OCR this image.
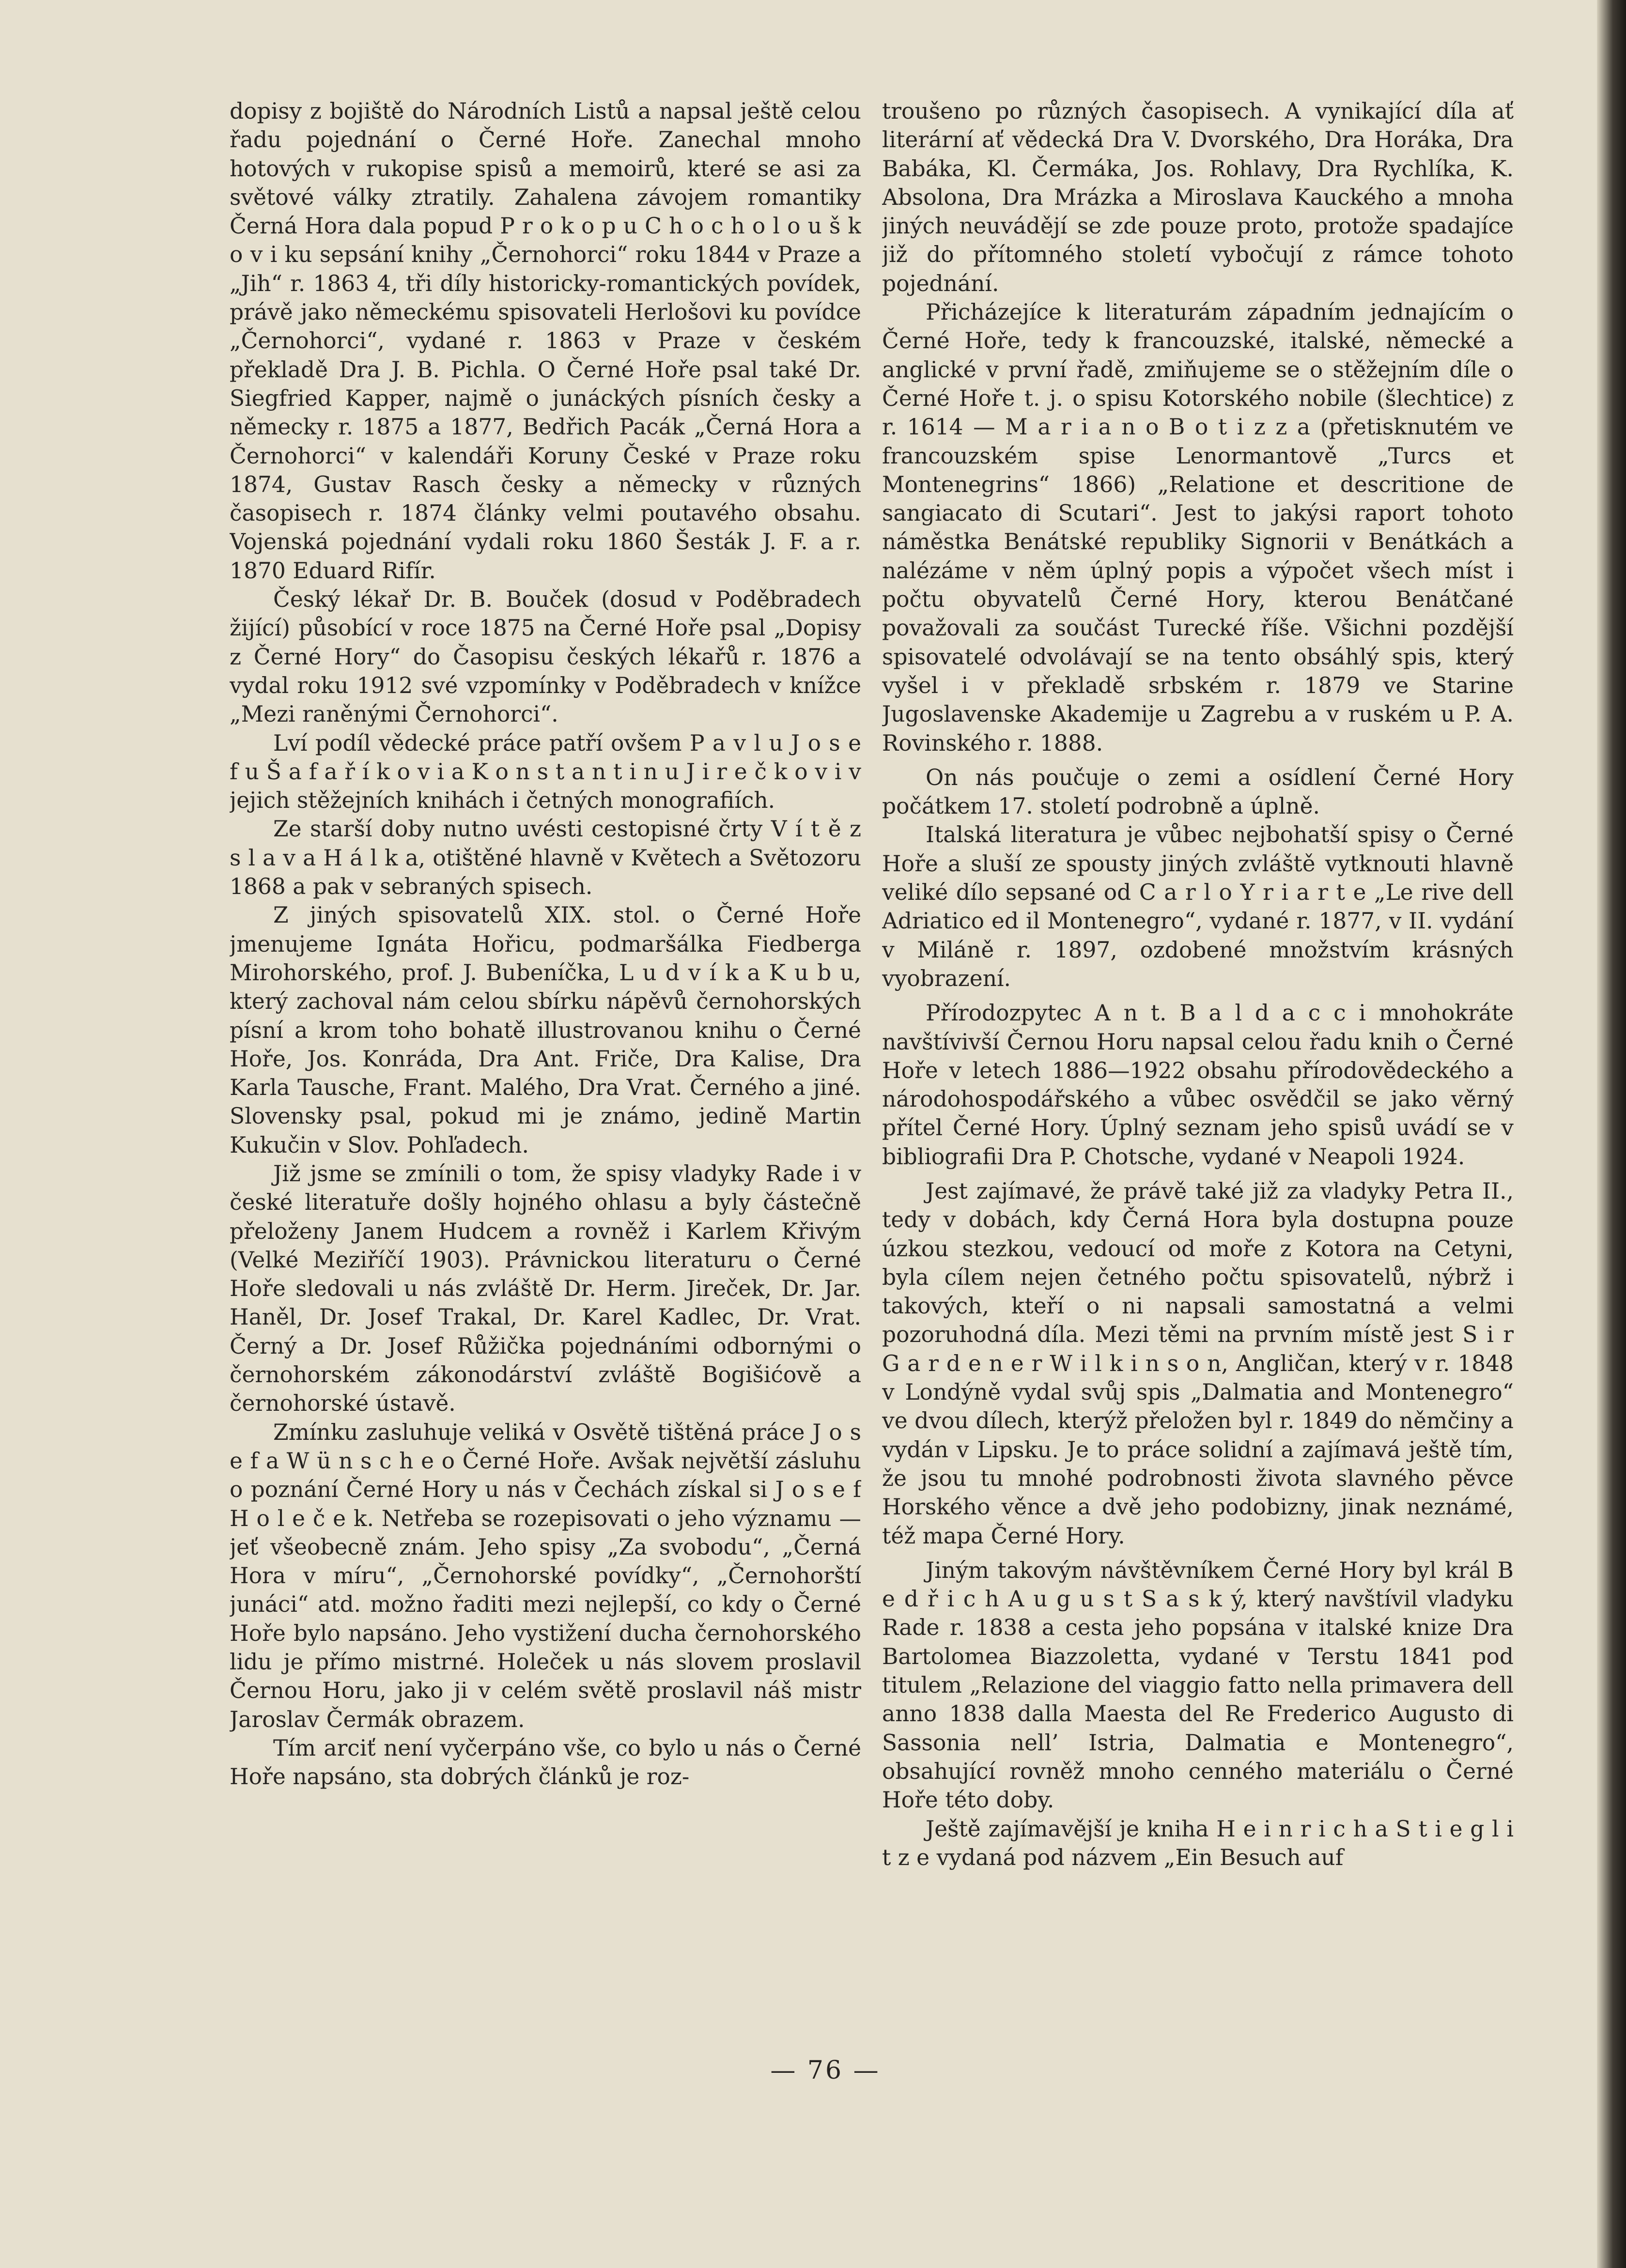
dopisy z bojiště do Národních Listů a napsal ještě celou řadu pojednání o Černé Hoře. Zanechal mnoho hotových v rukopise spisů a memoirů, které se asi za světové války ztratily. Zahalena závojem romantiky Černá Hora dala popud P r o k o p u C h o c h o l o u š k o v i ku sepsání knihy „Černohorci“ roku 1844 v Praze a „Jih“ r. 1863 4, tři díly historicky-romantických povídek, právě jako německému spisovateli Herlošovi ku povídce „Černohorci“, vydané r. 1863 v Praze v českém překladě Dra J. B. Pichla. O Černé Hoře psal také Dr. Siegfried Kapper, najmě o junáckých písních česky a německy r. 1875 a 1877, Bedřich Pacák „Černá Hora a Černohorci“ v kalendáři Koruny České v Praze roku 1874, Gustav Rasch česky a německy v různých časopisech r. 1874 články velmi poutavého obsahu. Vojenská pojednání vydali roku 1860 Šesták J. F. a r. 1870 Eduard Rifír.

Český lékař Dr. B. Bouček (dosud v Poděbradech žijící) působící v roce 1875 na Černé Hoře psal „Dopisy z Černé Hory“ do Časopisu českých lékařů r. 1876 a vydal roku 1912 své vzpomínky v Poděbradech v knížce „Mezi raněnými Černohorci“.

Lví podíl vědecké práce patří ovšem P a v l u J o s e f u Š a f a ř í k o v i a K o n s t a n t i n u J i r e č k o v i v jejich stěžejních knihách i četných monografiích.

Ze starší doby nutno uvésti cestopisné črty V í t ě z s l a v a H á l k a, otištěné hlavně v Květech a Světozoru 1868 a pak v sebraných spisech.

Z jiných spisovatelů XIX. stol. o Černé Hoře jmenujeme Ignáta Hořicu, podmaršálka Fiedberga Mirohorského, prof. J. Bubeníčka, L u d v í k a K u b u, který zachoval nám celou sbírku nápěvů černohorských písní a krom toho bohatě illustrovanou knihu o Černé Hoře, Jos. Konráda, Dra Ant. Friče, Dra Kalise, Dra Karla Tausche, Frant. Malého, Dra Vrat. Černého a jiné. Slovensky psal, pokud mi je známo, jedině Martin Kukučin v Slov. Pohľadech.

Již jsme se zmínili o tom, že spisy vladyky Rade i v české literatuře došly hojného ohlasu a byly částečně přeloženy Janem Hudcem a rovněž i Karlem Křivým (Velké Meziříčí 1903). Právnickou literaturu o Černé Hoře sledovali u nás zvláště Dr. Herm. Jireček, Dr. Jar. Haněl, Dr. Josef Trakal, Dr. Karel Kadlec, Dr. Vrat. Černý a Dr. Josef Růžička pojednáními odbornými o černohorském zákonodárství zvláště Bogišićově a černohorské ústavě.

Zmínku zasluhuje veliká v Osvětě tištěná práce J o s e f a W ü n s c h e o Černé Hoře. Avšak největší zásluhu o poznání Černé Hory u nás v Čechách získal si J o s e f H o l e č e k. Netřeba se rozepisovati o jeho významu — jeť všeobecně znám. Jeho spisy „Za svobodu“, „Černá Hora v míru“, „Černohorské povídky“, „Černohorští junáci“ atd. možno řaditi mezi nejlepší, co kdy o Černé Hoře bylo napsáno. Jeho vystižení ducha černohorského lidu je přímo mistrné. Holeček u nás slovem proslavil Černou Horu, jako ji v celém světě proslavil náš mistr Jaroslav Čermák obrazem.

Tím arciť není vyčerpáno vše, co bylo u nás o Černé Hoře napsáno, sta dobrých článků je roz-

troušeno po různých časopisech. A vynikající díla ať literární ať vědecká Dra V. Dvorského, Dra Horáka, Dra Babáka, Kl. Čermáka, Jos. Rohlavy, Dra Rychlíka, K. Absolona, Dra Mrázka a Miroslava Kauckého a mnoha jiných neuvádějí se zde pouze proto, protože spadajíce již do přítomného století vybočují z rámce tohoto pojednání.

Přicházejíce k literaturám západním jednajícím o Černé Hoře, tedy k francouzské, italské, německé a anglické v první řadě, zmiňujeme se o stěžejním díle o Černé Hoře t. j. o spisu Kotorského nobile (šlechtice) z r. 1614 — M a r i a n o B o t i z z a (přetisknutém ve francouzském spise Lenormantově „Turcs et Montenegrins“ 1866) „Relatione et descritione de sangiacato di Scutari“. Jest to jakýsi raport tohoto náměstka Benátské republiky Signorii v Benátkách a nalézáme v něm úplný popis a výpočet všech míst i počtu obyvatelů Černé Hory, kterou Benátčané považovali za součást Turecké říše. Všichni pozdější spisovatelé odvolávají se na tento obsáhlý spis, který vyšel i v překladě srbském r. 1879 ve Starine Jugoslavenske Akademije u Zagrebu a v ruském u P. A. Rovinského r. 1888.

On nás poučuje o zemi a osídlení Černé Hory počátkem 17. století podrobně a úplně.

Italská literatura je vůbec nejbohatší spisy o Černé Hoře a sluší ze spousty jiných zvláště vytknouti hlavně veliké dílo sepsané od C a r l o Y r i a r t e „Le rive dell Adriatico ed il Montenegro“, vydané r. 1877, v II. vydání v Miláně r. 1897, ozdobené množstvím krásných vyobrazení.

Přírodozpytec A n t. B a l d a c c i mnohokráte navštívivší Černou Horu napsal celou řadu knih o Černé Hoře v letech 1886—1922 obsahu přírodovědeckého a národohospodářského a vůbec osvědčil se jako věrný přítel Černé Hory. Úplný seznam jeho spisů uvádí se v bibliografii Dra P. Chotsche, vydané v Neapoli 1924.

Jest zajímavé, že právě také již za vladyky Petra II., tedy v dobách, kdy Černá Hora byla dostupna pouze úzkou stezkou, vedoucí od moře z Kotora na Cetyni, byla cílem nejen četného počtu spisovatelů, nýbrž i takových, kteří o ni napsali samostatná a velmi pozoruhodná díla. Mezi těmi na prvním místě jest S i r G a r d e n e r W i l k i n s o n, Angličan, který v r. 1848 v Londýně vydal svůj spis „Dalmatia and Montenegro“ ve dvou dílech, kterýž přeložen byl r. 1849 do němčiny a vydán v Lipsku. Je to práce solidní a zajímavá ještě tím, že jsou tu mnohé podrobnosti života slavného pěvce Horského věnce a dvě jeho podobizny, jinak neznámé, též mapa Černé Hory.

Jiným takovým návštěvníkem Černé Hory byl král B e d ř i c h A u g u s t S a s k ý, který navštívil vladyku Rade r. 1838 a cesta jeho popsána v italské knize Dra Bartolomea Biazzoletta, vydané v Terstu 1841 pod titulem „Relazione del viaggio fatto nella primavera dell anno 1838 dalla Maesta del Re Frederico Augusto di Sassonia nell’ Istria, Dalmatia e Montenegro“, obsahující rovněž mnoho cenného materiálu o Černé Hoře této doby.

Ještě zajímavější je kniha H e i n r i c h a S t i e g l i t z e vydaná pod názvem „Ein Besuch auf

— 76 —
